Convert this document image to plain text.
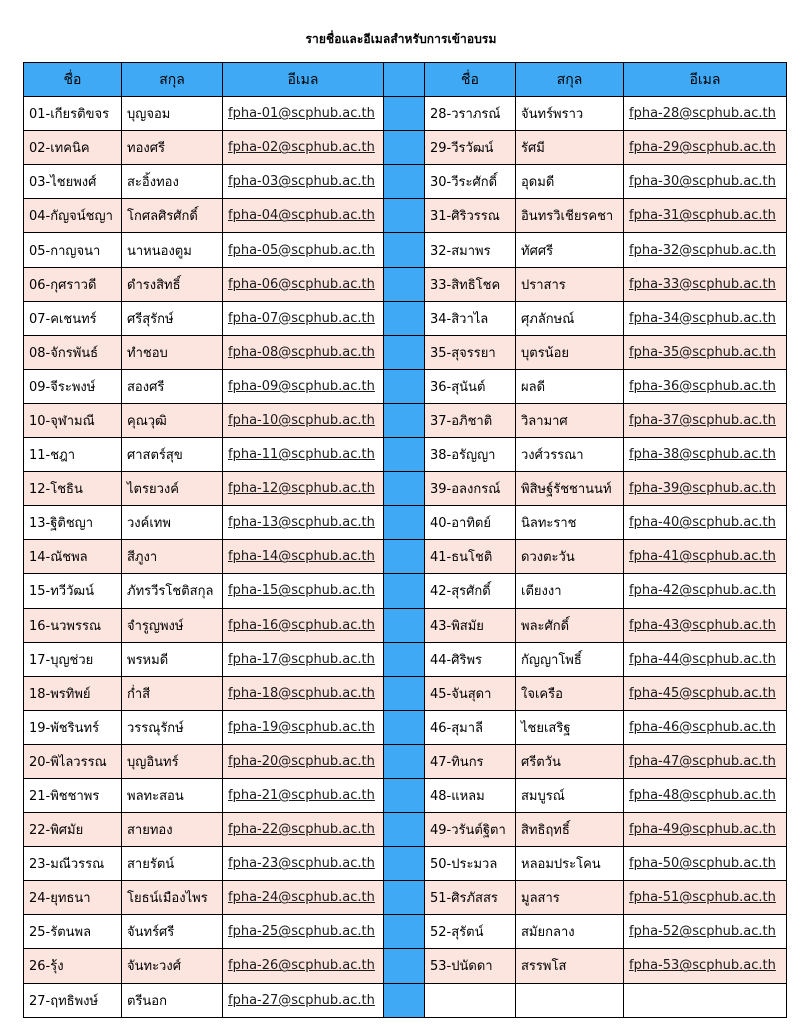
รายชื่อและอีเมลสำหรับการเข้าอบรม
ชื่อ	สกุล	อีเมล		ชื่อ	สกุล	อีเมล
01-เกียรติขจร	บุญจอม	fpha-01@scphub.ac.th		28-วราภรณ์	จันทร์พราว	fpha-28@scphub.ac.th
02-เทคนิค	ทองศรี	fpha-02@scphub.ac.th		29-วีรวัฒน์	รัศมี	fpha-29@scphub.ac.th
03-ไชยพงศ์	สะอิ้งทอง	fpha-03@scphub.ac.th		30-วีระศักดิ์	อุดมดี	fpha-30@scphub.ac.th
04-กัญจน์ชญา	โกศลศิรศักดิ์	fpha-04@scphub.ac.th		31-ศิริวรรณ	อินทรวิเชียรคชา	fpha-31@scphub.ac.th
05-กาญจนา	นาหนองตูม	fpha-05@scphub.ac.th		32-สมาพร	ทัศศรี	fpha-32@scphub.ac.th
06-กุศราวดี	ดำรงสิทธิ์	fpha-06@scphub.ac.th		33-สิทธิโชค	ปราสาร	fpha-33@scphub.ac.th
07-คเชนทร์	ศรีสุรักษ์	fpha-07@scphub.ac.th		34-สิวาไล	ศุภลักษณ์	fpha-34@scphub.ac.th
08-จักรพันธ์	ทำชอบ	fpha-08@scphub.ac.th		35-สุจรรยา	บุตรน้อย	fpha-35@scphub.ac.th
09-จีระพงษ์	สองศรี	fpha-09@scphub.ac.th		36-สุนันต์	ผลดี	fpha-36@scphub.ac.th
10-จุฬามณี	คุณวุฒิ	fpha-10@scphub.ac.th		37-อภิชาติ	วิลามาศ	fpha-37@scphub.ac.th
11-ชฎา	ศาสตร์สุข	fpha-11@scphub.ac.th		38-อรัญญา	วงศ์วรรณา	fpha-38@scphub.ac.th
12-โชธิน	ไตรยวงค์	fpha-12@scphub.ac.th		39-อลงกรณ์	พิสิษฐ์รัชชานนท์	fpha-39@scphub.ac.th
13-ฐิติชญา	วงค์เทพ	fpha-13@scphub.ac.th		40-อาทิตย์	นิลทะราช	fpha-40@scphub.ac.th
14-ณัชพล	สีภูงา	fpha-14@scphub.ac.th		41-ธนโชติ	ดวงตะวัน	fpha-41@scphub.ac.th
15-ทวีวัฒน์	ภัทรวีรโชติสกุล	fpha-15@scphub.ac.th		42-สุรศักดิ์	เตียงงา	fpha-42@scphub.ac.th
16-นวพรรณ	จำรูญพงษ์	fpha-16@scphub.ac.th		43-พิสมัย	พละศักดิ์	fpha-43@scphub.ac.th
17-บุญช่วย	พรหมดี	fpha-17@scphub.ac.th		44-ศิริพร	กัญญาโพธิ์	fpha-44@scphub.ac.th
18-พรทิพย์	ก่ำสี	fpha-18@scphub.ac.th		45-จันสุดา	ใจเครือ	fpha-45@scphub.ac.th
19-พัชรินทร์	วรรณุรักษ์	fpha-19@scphub.ac.th		46-สุมาลี	ไชยเสริฐ	fpha-46@scphub.ac.th
20-พิไลวรรณ	บุญอินทร์	fpha-20@scphub.ac.th		47-ทินกร	ศรีตวัน	fpha-47@scphub.ac.th
21-พิชชาพร	พลทะสอน	fpha-21@scphub.ac.th		48-แหลม	สมบูรณ์	fpha-48@scphub.ac.th
22-พิศมัย	สายทอง	fpha-22@scphub.ac.th		49-วรันต์ฐิตา	สิทธิฤทธิ์	fpha-49@scphub.ac.th
23-มณีวรรณ	สายรัตน์	fpha-23@scphub.ac.th		50-ประมวล	หลอมประโคน	fpha-50@scphub.ac.th
24-ยุทธนา	โยธน์เมืองไพร	fpha-24@scphub.ac.th		51-ศิรภัสสร	มูลสาร	fpha-51@scphub.ac.th
25-รัตนพล	จันทร์ศรี	fpha-25@scphub.ac.th		52-สุรัตน์	สมัยกลาง	fpha-52@scphub.ac.th
26-รุ้ง	จันทะวงศ์	fpha-26@scphub.ac.th		53-ปนัดดา	สรรพโส	fpha-53@scphub.ac.th
27-ฤทธิพงษ์	ตรีนอก	fpha-27@scphub.ac.th				
